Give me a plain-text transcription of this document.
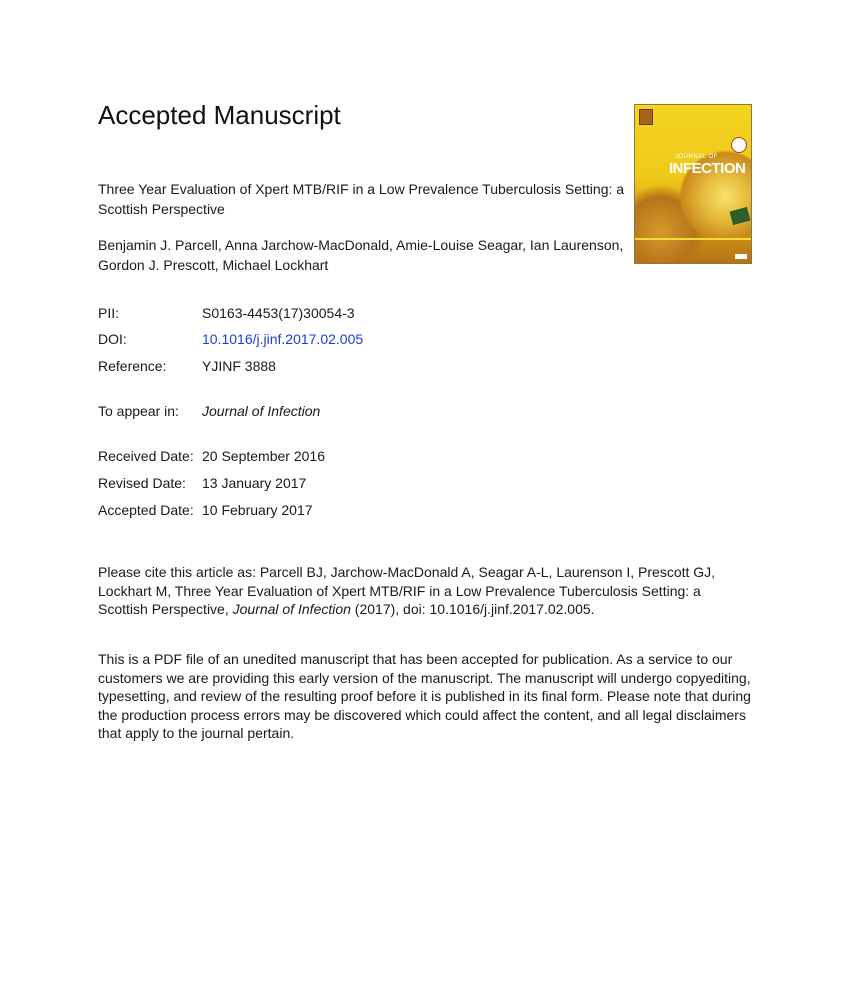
Accepted Manuscript
JOURNAL OF
INFECTION
Three Year Evaluation of Xpert MTB/RIF in a Low Prevalence Tuberculosis Setting: a Scottish Perspective
Benjamin J. Parcell, Anna Jarchow-MacDonald, Amie-Louise Seagar, Ian Laurenson, Gordon J. Prescott, Michael Lockhart
PII:	S0163-4453(17)30054-3
DOI:	10.1016/j.jinf.2017.02.005
Reference:	YJINF 3888
To appear in: Journal of Infection
Received Date: 20 September 2016
Revised Date: 13 January 2017
Accepted Date: 10 February 2017
Please cite this article as: Parcell BJ, Jarchow-MacDonald A, Seagar A-L, Laurenson I, Prescott GJ, Lockhart M, Three Year Evaluation of Xpert MTB/RIF in a Low Prevalence Tuberculosis Setting: a Scottish Perspective, Journal of Infection (2017), doi: 10.1016/j.jinf.2017.02.005.
This is a PDF file of an unedited manuscript that has been accepted for publication. As a service to our customers we are providing this early version of the manuscript. The manuscript will undergo copyediting, typesetting, and review of the resulting proof before it is published in its final form. Please note that during the production process errors may be discovered which could affect the content, and all legal disclaimers that apply to the journal pertain.
